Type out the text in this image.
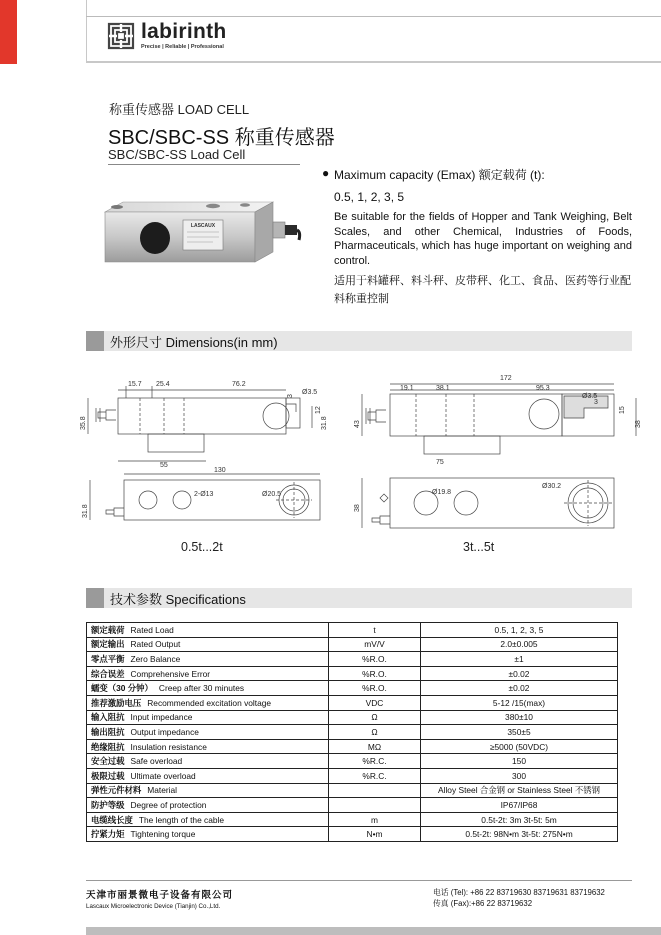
labirinth
Precise | Reliable | Professional
称重传感器 LOAD CELL
SBC/SBC-SS 称重传感器
SBC/SBC-SS Load Cell
LASCAUX
● Maximum capacity (Emax) 额定载荷 (t):
0.5, 1, 2, 3, 5
Be suitable for the fields of Hopper and Tank Weighing, Belt Scales, and other Chemical, Industries of Foods, Pharmaceuticals, which has huge important on weighing and control.
适用于料罐秤、料斗秤、皮带秤、化工、食品、医药等行业配料称重控制
外形尺寸 Dimensions(in mm)
15.7 25.4	76.2
Ø3.5
35.8	31.8
3
12
55
130
31.8
2-Ø13	Ø20.5
172
19.1	38.1	95.3
Ø3.5
43	38
3
15
75
38
Ø19.8
Ø30.2
0.5t...2t	3t...5t
技术参数 Specifications
额定载荷 Rated Load	t	0.5, 1, 2, 3, 5
额定输出 Rated Output	mV/V	2.0±0.005
零点平衡 Zero Balance	%R.O.	±1
综合误差 Comprehensive Error	%R.O.	±0.02
蠕变（30 分钟） Creep after 30 minutes	%R.O.	±0.02
推荐激励电压 Recommended excitation voltage	VDC	5-12 /15(max)
输入阻抗 Input impedance	Ω	380±10
输出阻抗 Output impedance	Ω	350±5
绝缘阻抗 Insulation resistance	MΩ	≥5000 (50VDC)
安全过载 Safe overload	%R.C.	150
极限过载 Ultimate overload	%R.C.	300
弹性元件材料 Material		Alloy Steel 合金钢 or Stainless Steel 不锈钢
防护等级 Degree of protection		IP67/IP68
电缆线长度 The length of the cable	m	0.5t-2t: 3m 3t-5t: 5m
拧紧力矩 Tightening torque	N•m	0.5t-2t: 98N•m 3t-5t: 275N•m
天津市丽景微电子设备有限公司
Lascaux Microelectronic Device (Tianjin) Co.,Ltd.
电话 (Tel): +86 22 83719630 83719631 83719632
传真 (Fax):+86 22 83719632
